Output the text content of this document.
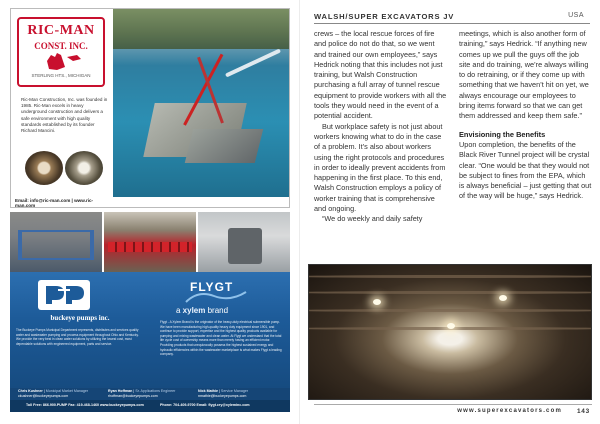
RIC-MAN
CONST. INC.
STERLING HTS., MICHIGAN
Ric-Man Construction, Inc. was founded in 1985. Ric-Man excels in heavy underground construction and delivers a safe environment with high quality standards established by its founder Richard Mancini.
Email: info@ric-man.com | www.ric-man.com
buckeye pumps inc.

The Buckeye Pumps Municipal Department represents, distributes and services quality water and wastewater pumping and process equipment throughout Ohio and Kentucky. We provide the very best in clean water solutions by utilizing the lowest cost, most dependable solutions with engineered equipment, parts and service.

FLYGT
a xylem brand
Flygt - A Xylem Brand is the originator of the heavy-duty electrical submersible pump. We have been manufacturing high-quality heavy duty equipment since 1901, and continue to provide support, expertise and the highest quality products available for pumping and mixing wastewater and clean water. At Flygt we understand that the total life cycle cost of ownership means more than merely having an efficient motor. Providing products that unequivocally possess the highest sustained energy and hydraulic efficiencies within the wastewater marketplace is what makes Flygt a leading company.
Chris Kushner | Municipal Market Manager
ckushner@buckeyepumps.com
Ryan Hoffman | Sr. Applications Engineer
rhoffman@buckeyepumps.com
Nick Mathie | Service Manager
nmathie@buckeyepumps.com
Toll Free: 866.900.PUMP Fax: 419-468-1460 www.buckeyepumps.com	Phone: 704-409-9700 Email: flygt.cry@xyleminc.com
WALSH/SUPER EXCAVATORS JV	USA

crews – the local rescue forces of fire and police do not do that, so we went and trained our own employees,” says Hedrick noting that this includes not just training, but Walsh Construction purchasing a full array of tunnel rescue equipment to provide workers with all the tools they would need in the event of a potential accident.

But workplace safety is not just about workers knowing what to do in the case of a problem. It’s also about workers using the right protocols and procedures in order to ideally prevent accidents from happening in the first place. To this end, Walsh Construction employs a policy of worker training that is comprehensive and ongoing.

“We do weekly and daily safety

meetings, which is also another form of training,” says Hedrick. “If anything new comes up we pull the guys off the job site and do training, we’re always willing to do retraining, or if they come up with something that we haven’t hit on yet, we always encourage our employees to bring items forward so that we can get them addressed and keep them safe.”

Envisioning the Benefits

Upon completion, the benefits of the Black River Tunnel project will be crystal clear. “One would be that they would not be subject to fines from the EPA, which is always beneficial – just getting that out of the way will be huge,” says Hedrick.

www.superexcavators.com 143
